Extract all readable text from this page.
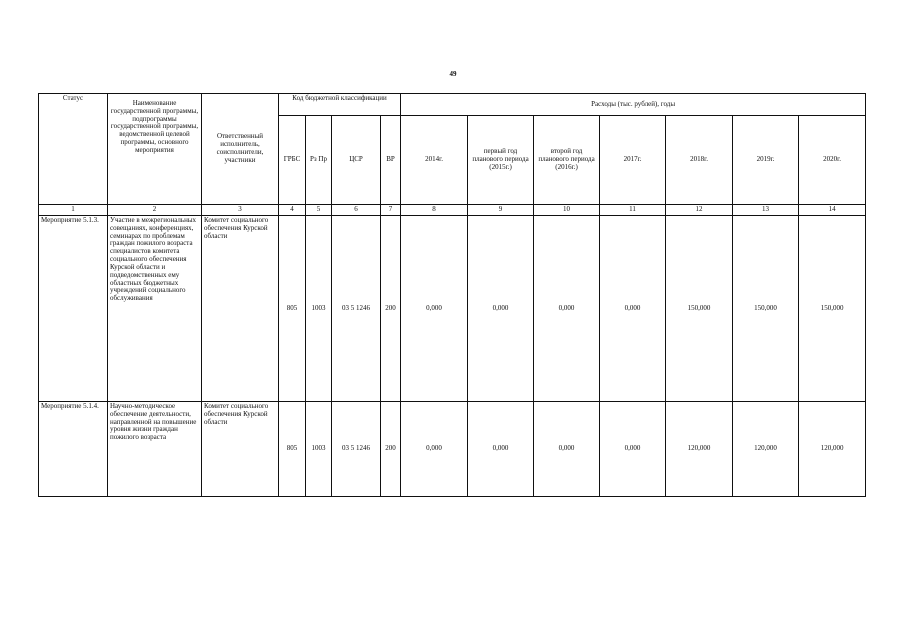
49
Статус	Наименование государственной программы, подпрограммы государственной программы, ведомственной целевой программы, основного мероприятия	Ответственный исполнитель, соисполнители, участники	Код бюджетной классификации				Расходы (тыс. рублей), годы						
			ГРБС	Рз Пр	ЦСР	ВР	2014г.	первый год планового периода (2015г.)	второй год планового периода (2016г.)	2017г.	2018г.	2019г.	2020г.
1	2	3	4	5	6	7	8	9	10	11	12	13	14
Мероприятие 5.1.3.	Участие в межрегиональных совещаниях, конференциях, семинарах по проблемам граждан пожилого возраста специалистов комитета социального обеспечения Курской области и подведомственных ему областных бюджетных учреждений социального обслуживания	Комитет социального обеспечения Курской области	805	1003	03 5 1246	200	0,000	0,000	0,000	0,000	150,000	150,000	150,000
Мероприятие 5.1.4.	Научно-методическое обеспечение деятельности, направленной на повышение уровня жизни граждан пожилого возраста	Комитет социального обеспечения Курской области	805	1003	03 5 1246	200	0,000	0,000	0,000	0,000	120,000	120,000	120,000
